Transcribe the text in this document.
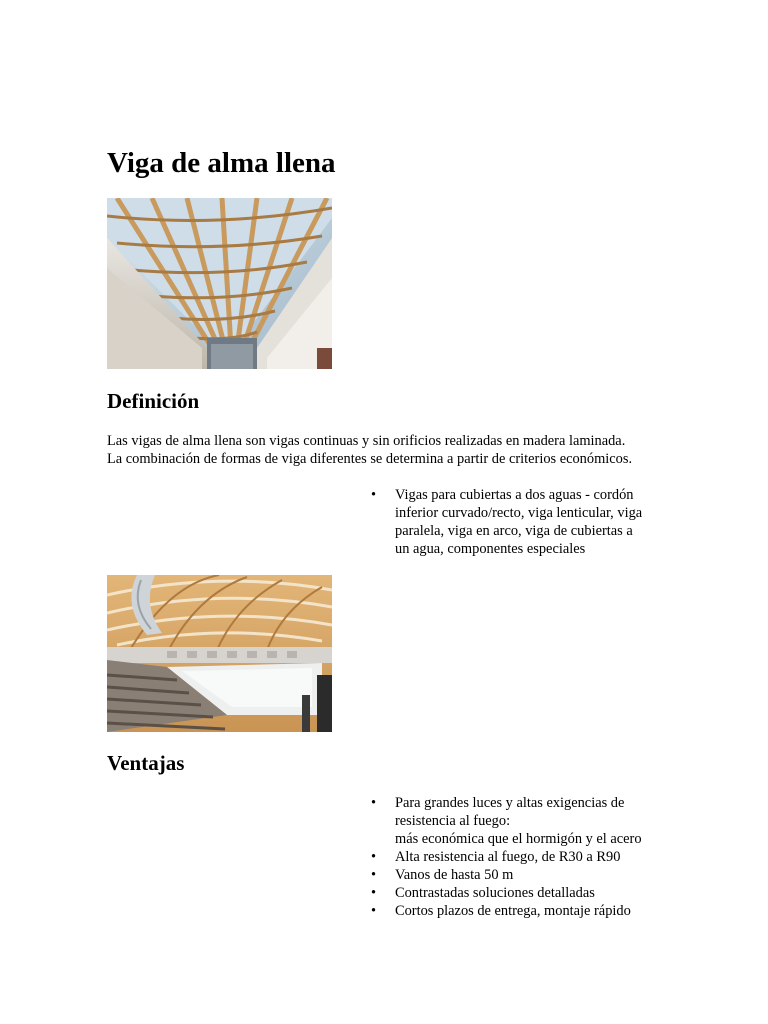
Viga de alma llena
Definición

Las vigas de alma llena son vigas continuas y sin orificios realizadas en madera laminada.
La combinación de formas de viga diferentes se determina a partir de criterios económicos.

• Vigas para cubiertas a dos aguas - cordón
inferior curvado/recto, viga lenticular, viga
paralela, viga en arco, viga de cubiertas a
un agua, componentes especiales
Ventajas
• Para grandes luces y altas exigencias de
resistencia al fuego:
más económica que el hormigón y el acero
• Alta resistencia al fuego, de R30 a R90
• Vanos de hasta 50 m
• Contrastadas soluciones detalladas
• Cortos plazos de entrega, montaje rápido
